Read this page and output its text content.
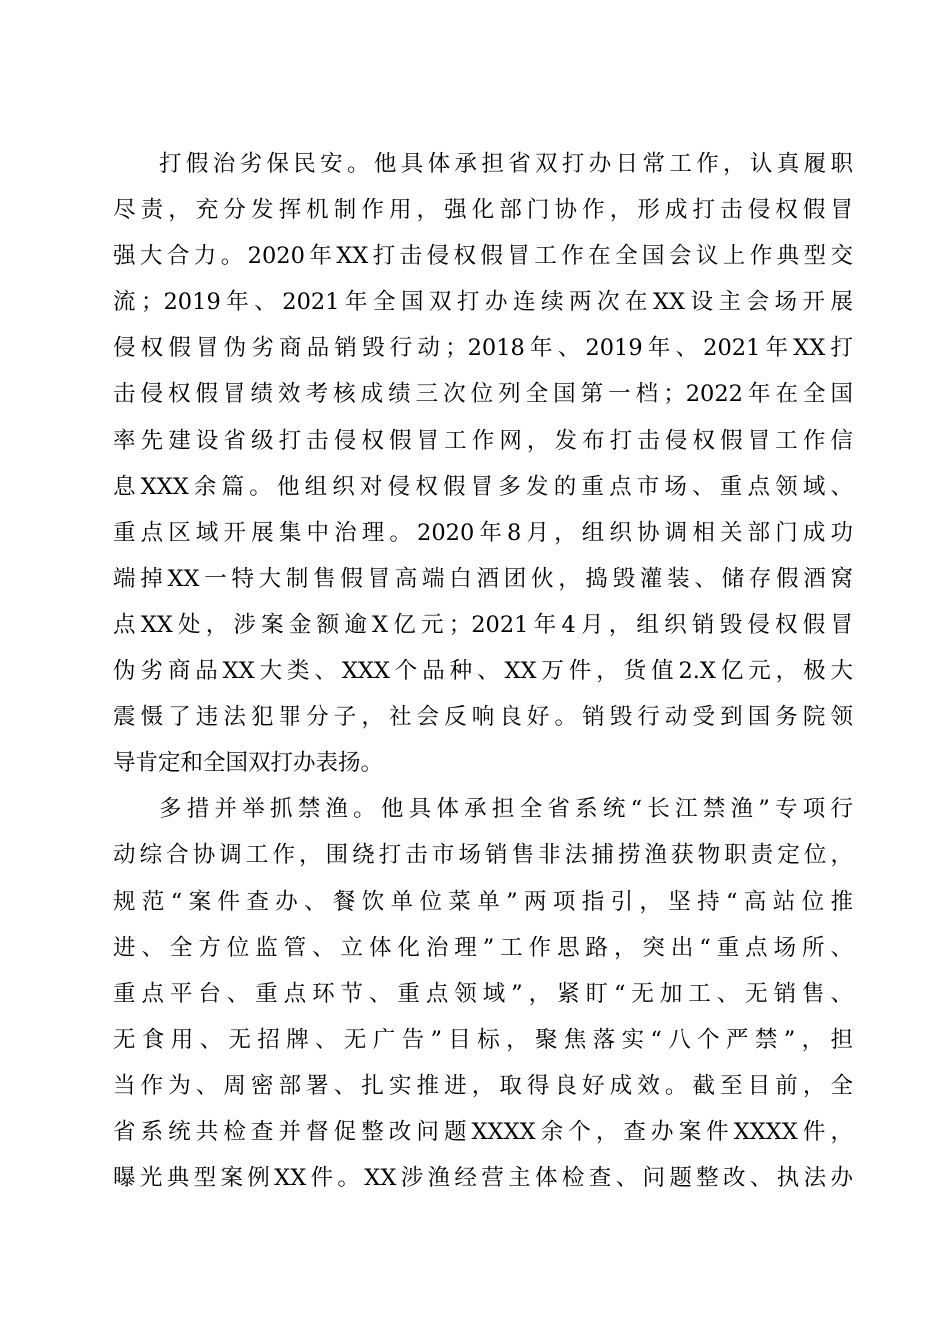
打假治劣保民安。他具体承担省双打办日常工作，认真履职
尽责，充分发挥机制作用，强化部门协作，形成打击侵权假冒
强大合力。2020年XX打击侵权假冒工作在全国会议上作典型交
流；2019年、2021年全国双打办连续两次在XX设主会场开展
侵权假冒伪劣商品销毁行动；2018年、2019年、2021年XX打
击侵权假冒绩效考核成绩三次位列全国第一档；2022年在全国
率先建设省级打击侵权假冒工作网，发布打击侵权假冒工作信
息XXX余篇。他组织对侵权假冒多发的重点市场、重点领域、
重点区域开展集中治理。2020年8月，组织协调相关部门成功
端掉XX一特大制售假冒高端白酒团伙，捣毁灌装、储存假酒窝
点XX处，涉案金额逾X亿元；2021年4月，组织销毁侵权假冒
伪劣商品XX大类、XXX个品种、XX万件，货值2.X亿元，极大
震慑了违法犯罪分子，社会反响良好。销毁行动受到国务院领
导肯定和全国双打办表扬。
多措并举抓禁渔。他具体承担全省系统“长江禁渔”专项行
动综合协调工作，围绕打击市场销售非法捕捞渔获物职责定位，
规范“案件查办、餐饮单位菜单”两项指引，坚持“高站位推
进、全方位监管、立体化治理”工作思路，突出“重点场所、
重点平台、重点环节、重点领域”，紧盯“无加工、无销售、
无食用、无招牌、无广告”目标，聚焦落实“八个严禁”，担
当作为、周密部署、扎实推进，取得良好成效。截至目前，全
省系统共检查并督促整改问题XXXX余个，查办案件XXXX件，
曝光典型案例XX件。XX涉渔经营主体检查、问题整改、执法办
